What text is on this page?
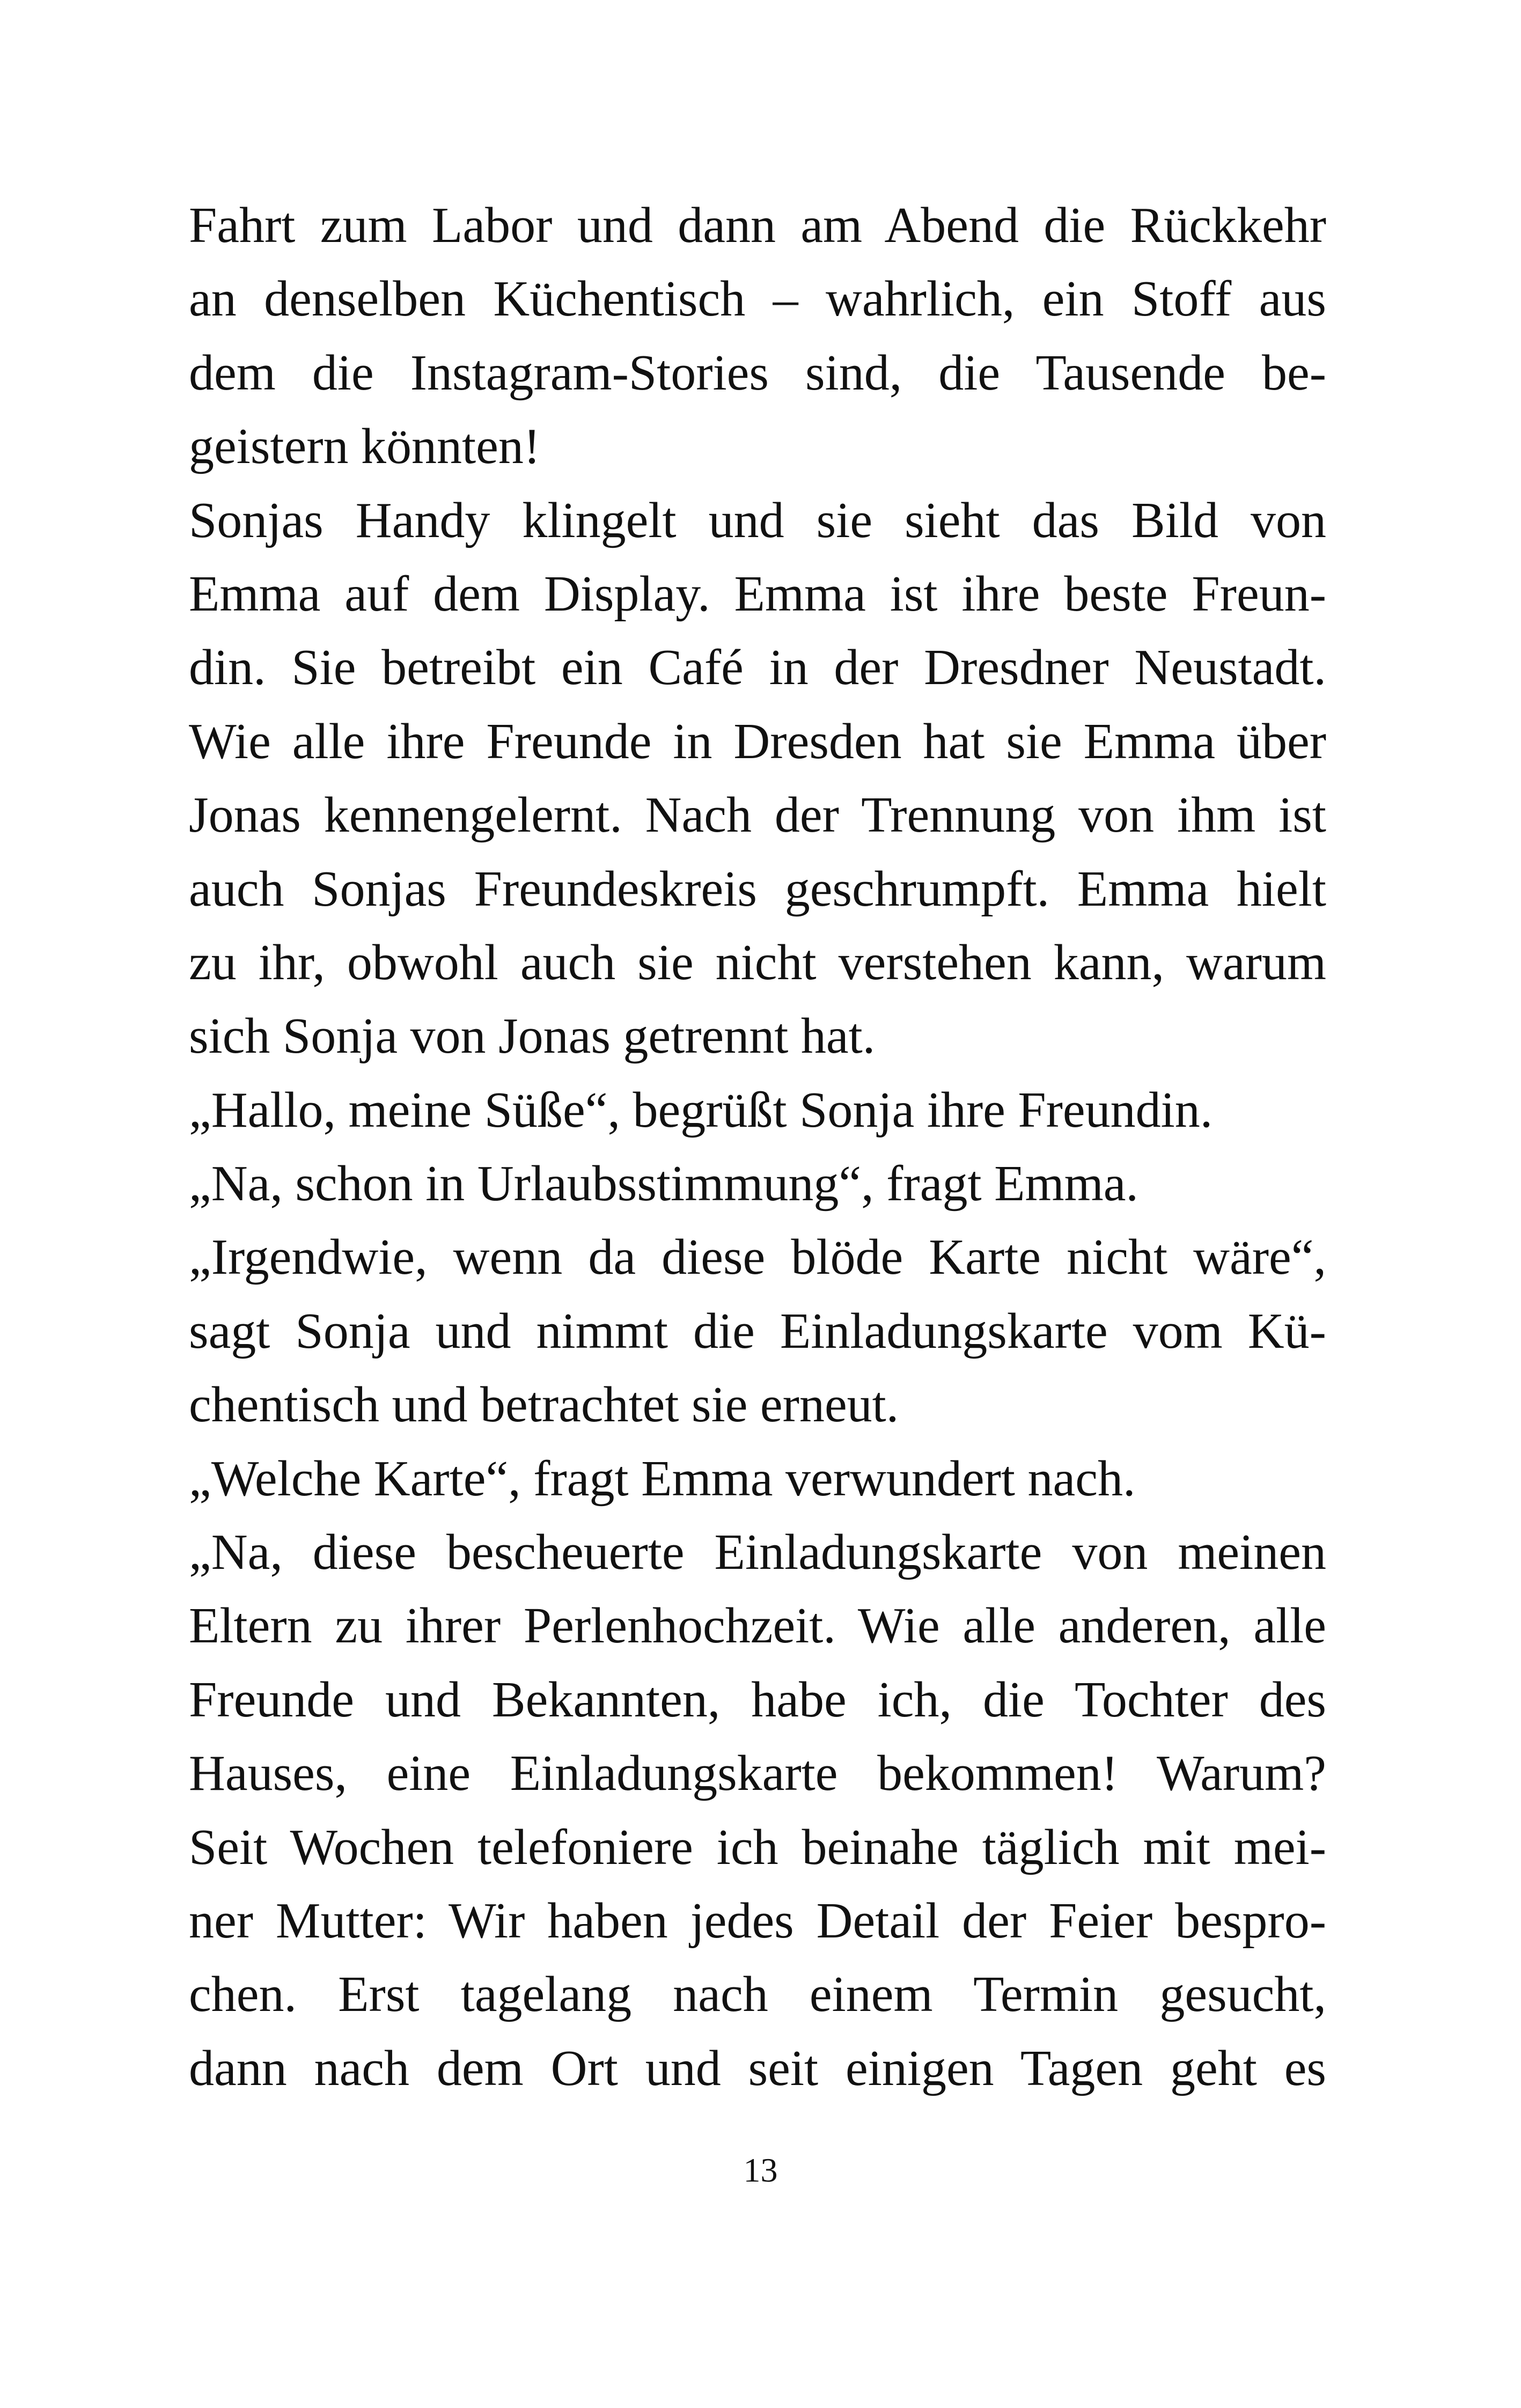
Fahrt zum Labor und dann am Abend die Rückkehr
an denselben Küchentisch – wahrlich, ein Stoff aus
dem die Instagram-Stories sind, die Tausende be-
geistern könnten!
Sonjas Handy klingelt und sie sieht das Bild von
Emma auf dem Display. Emma ist ihre beste Freun-
din. Sie betreibt ein Café in der Dresdner Neustadt.
Wie alle ihre Freunde in Dresden hat sie Emma über
Jonas kennengelernt. Nach der Trennung von ihm ist
auch Sonjas Freundeskreis geschrumpft. Emma hielt
zu ihr, obwohl auch sie nicht verstehen kann, warum
sich Sonja von Jonas getrennt hat.
„Hallo, meine Süße“, begrüßt Sonja ihre Freundin.
„Na, schon in Urlaubsstimmung“, fragt Emma.
„Irgendwie, wenn da diese blöde Karte nicht wäre“,
sagt Sonja und nimmt die Einladungskarte vom Kü-
chentisch und betrachtet sie erneut.
„Welche Karte“, fragt Emma verwundert nach.
„Na, diese bescheuerte Einladungskarte von meinen
Eltern zu ihrer Perlenhochzeit. Wie alle anderen, alle
Freunde und Bekannten, habe ich, die Tochter des
Hauses, eine Einladungskarte bekommen! Warum?
Seit Wochen telefoniere ich beinahe täglich mit mei-
ner Mutter: Wir haben jedes Detail der Feier bespro-
chen. Erst tagelang nach einem Termin gesucht,
dann nach dem Ort und seit einigen Tagen geht es
13
